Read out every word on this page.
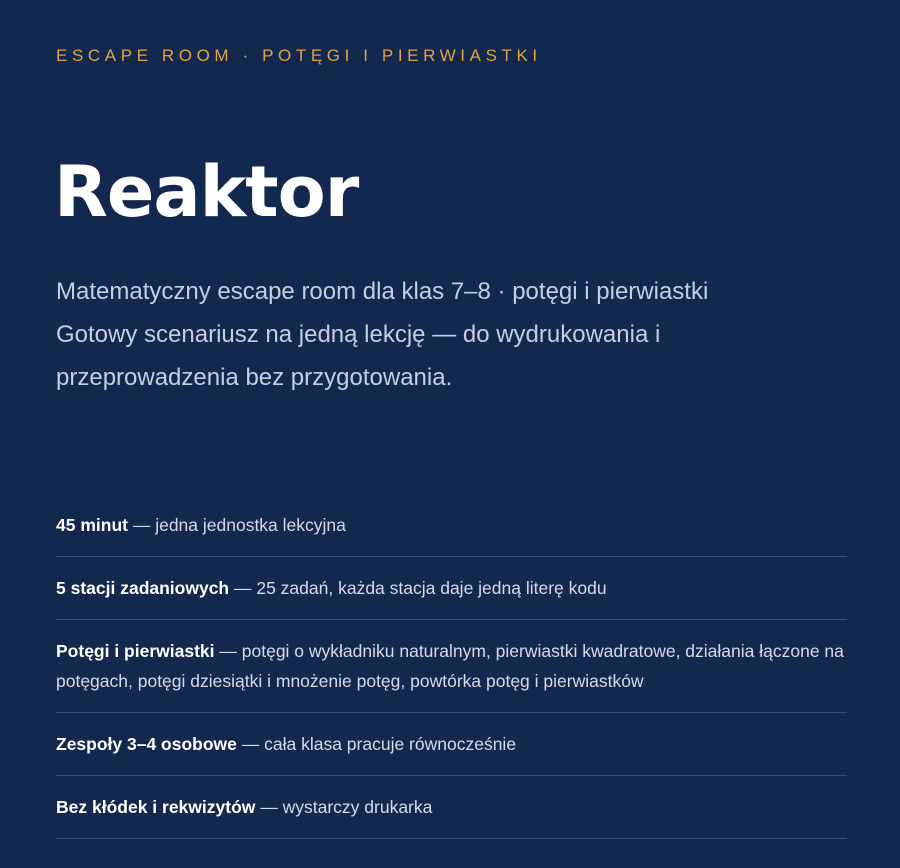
ESCAPE ROOM · POTĘGI I PIERWIASTKI
Reaktor
Matematyczny escape room dla klas 7–8 · potęgi i pierwiastki
Gotowy scenariusz na jedną lekcję — do wydrukowania i
przeprowadzenia bez przygotowania.
45 minut — jedna jednostka lekcyjna
5 stacji zadaniowych — 25 zadań, każda stacja daje jedną literę kodu
Potęgi i pierwiastki — potęgi o wykładniku naturalnym, pierwiastki kwadratowe, działania łączone na potęgach, potęgi dziesiątki i mnożenie potęg, powtórka potęg i pierwiastków
Zespoły 3–4 osobowe — cała klasa pracuje równocześnie
Bez kłódek i rekwizytów — wystarczy drukarka
